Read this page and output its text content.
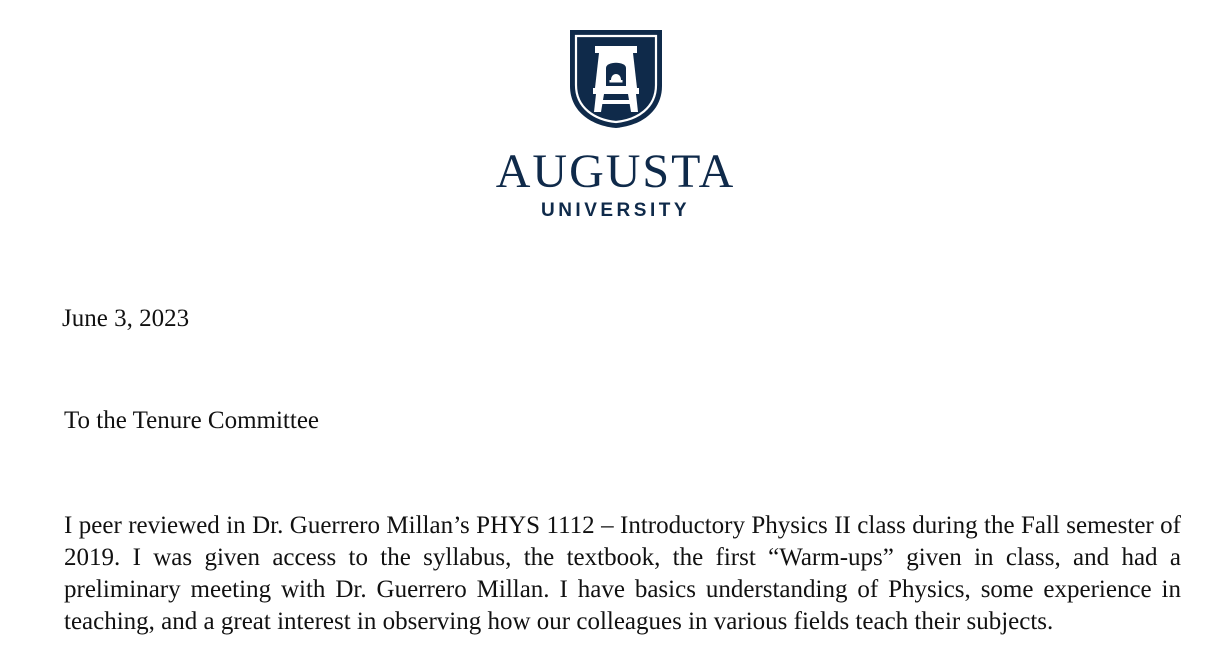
AUGUSTA
UNIVERSITY
June 3, 2023
To the Tenure Committee
I peer reviewed in Dr. Guerrero Millan’s PHYS 1112 – Introductory Physics II class during the Fall semester of 2019. I was given access to the syllabus, the textbook, the first “Warm-ups” given in class, and had a preliminary meeting with Dr. Guerrero Millan. I have basics understanding of Physics, some experience in teaching, and a great interest in observing how our colleagues in various fields teach their subjects.
